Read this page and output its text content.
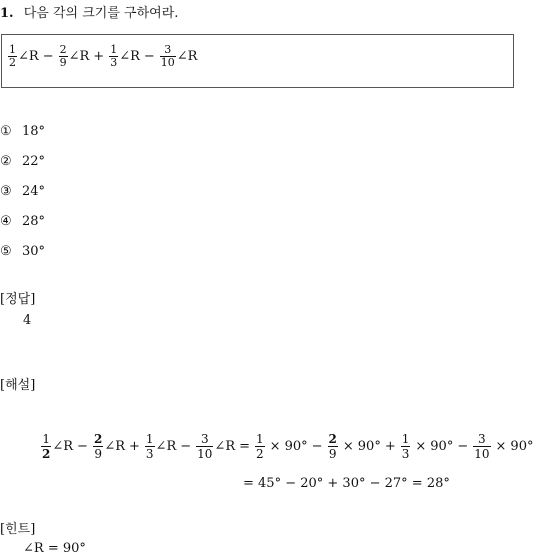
1. 다음 각의 크기를 구하여라.
$\frac{1}{2}$ ∠R − $\frac{2}{9}$ ∠R + $\frac{1}{3}$ ∠R − $\frac{3}{10}$ ∠R
① 18°
② 22°
③ 24°
④ 28°
⑤ 30°
[정답]
4
[해설]
$\frac{1}{2}$ ∠R − $\frac{2}{9}$ ∠R + $\frac{1}{3}$ ∠R − $\frac{3}{10}$ ∠R = $\frac{1}{2} \times 90^\circ - \frac{2}{9} \times 90^\circ + \frac{1}{3} \times 90^\circ - \frac{3}{10} \times 90^\circ$
= 45° − 20° + 30° − 27° = 28°
[힌트]
∠R = 90°
